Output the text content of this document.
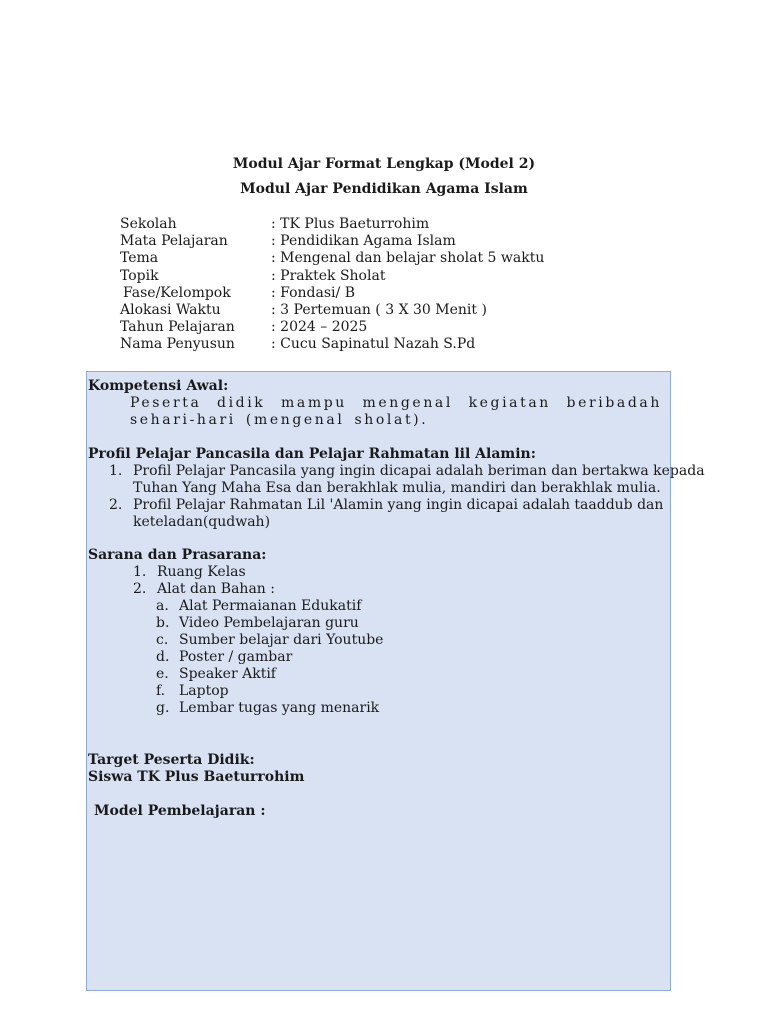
Modul Ajar Format Lengkap (Model 2)
Modul Ajar Pendidikan Agama Islam
Sekolah	: TK Plus Baeturrohim
Mata Pelajaran	: Pendidikan Agama Islam
Tema	: Mengenal dan belajar sholat 5 waktu
Topik	: Praktek Sholat
Fase/Kelompok	: Fondasi/ B
Alokasi Waktu	: 3 Pertemuan ( 3 X 30 Menit )
Tahun Pelajaran	: 2024 – 2025
Nama Penyusun	: Cucu Sapinatul Nazah S.Pd
Kompetensi Awal:
Peserta didik mampu mengenal kegiatan beribadah sehari-hari (mengenal sholat).
Profil Pelajar Pancasila dan Pelajar Rahmatan lil Alamin:
1. Profil Pelajar Pancasila yang ingin dicapai adalah beriman dan bertakwa kepada
Tuhan Yang Maha Esa dan berakhlak mulia, mandiri dan berakhlak mulia.
2. Profil Pelajar Rahmatan Lil 'Alamin yang ingin dicapai adalah taaddub dan
keteladan(qudwah)
Sarana dan Prasarana:
1. Ruang Kelas
2. Alat dan Bahan :
a. Alat Permaianan Edukatif
b. Video Pembelajaran guru
c. Sumber belajar dari Youtube
d. Poster / gambar
e. Speaker Aktif
f. Laptop
g. Lembar tugas yang menarik
Target Peserta Didik:
Siswa TK Plus Baeturrohim
Model Pembelajaran :
